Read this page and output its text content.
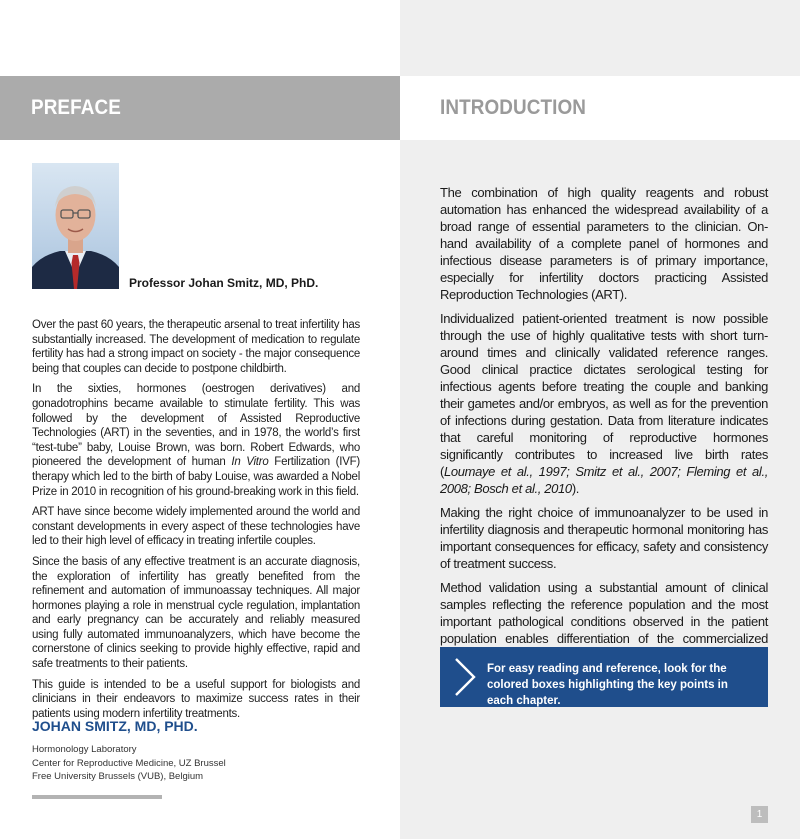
PREFACE
Professor Johan Smitz, MD, PhD.

Over the past 60 years, the therapeutic arsenal to treat infertility has substantially increased. The development of medication to regulate fertility has had a strong impact on society - the major consequence being that couples can decide to postpone childbirth.

In the sixties, hormones (oestrogen derivatives) and gonadotrophins became available to stimulate fertility. This was followed by the development of Assisted Reproductive Technologies (ART) in the seventies, and in 1978, the world’s first “test-tube” baby, Louise Brown, was born. Robert Edwards, who pioneered the development of human In Vitro Fertilization (IVF) therapy which led to the birth of baby Louise, was awarded a Nobel Prize in 2010 in recognition of his ground-breaking work in this field.

ART have since become widely implemented around the world and constant developments in every aspect of these technologies have led to their high level of efficacy in treating infertile couples.

Since the basis of any effective treatment is an accurate diagnosis, the exploration of infertility has greatly benefited from the refinement and automation of immunoassay techniques. All major hormones playing a role in menstrual cycle regulation, implantation and early pregnancy can be accurately and reliably measured using fully automated immunoanalyzers, which have become the cornerstone of clinics seeking to provide highly effective, rapid and safe treatments to their patients.

This guide is intended to be a useful support for biologists and clinicians in their endeavors to maximize success rates in their patients using modern infertility treatments.

JOHAN SMITZ, MD, PHD.
Hormonology Laboratory
Center for Reproductive Medicine, UZ Brussel
Free University Brussels (VUB), Belgium
INTRODUCTION

The combination of high quality reagents and robust automation has enhanced the widespread availability of a broad range of essential parameters to the clinician. On-hand availability of a complete panel of hormones and infectious disease parameters is of primary importance, especially for infertility doctors practicing Assisted Reproduction Technologies (ART).

Individualized patient-oriented treatment is now possible through the use of highly qualitative tests with short turn-around times and clinically validated reference ranges. Good clinical practice dictates serological testing for infectious agents before treating the couple and banking their gametes and/or embryos, as well as for the prevention of infections during gestation. Data from literature indicates that careful monitoring of reproductive hormones significantly contributes to increased live birth rates (Loumaye et al., 1997; Smitz et al., 2007; Fleming et al., 2008; Bosch et al., 2010).

Making the right choice of immunoanalyzer to be used in infertility diagnosis and therapeutic hormonal monitoring has important consequences for efficacy, safety and consistency of treatment success.

Method validation using a substantial amount of clinical samples reflecting the reference population and the most important pathological conditions observed in the patient population enables differentiation of the commercialized

For easy reading and reference, look for the colored boxes highlighting the key points in each chapter.
1
